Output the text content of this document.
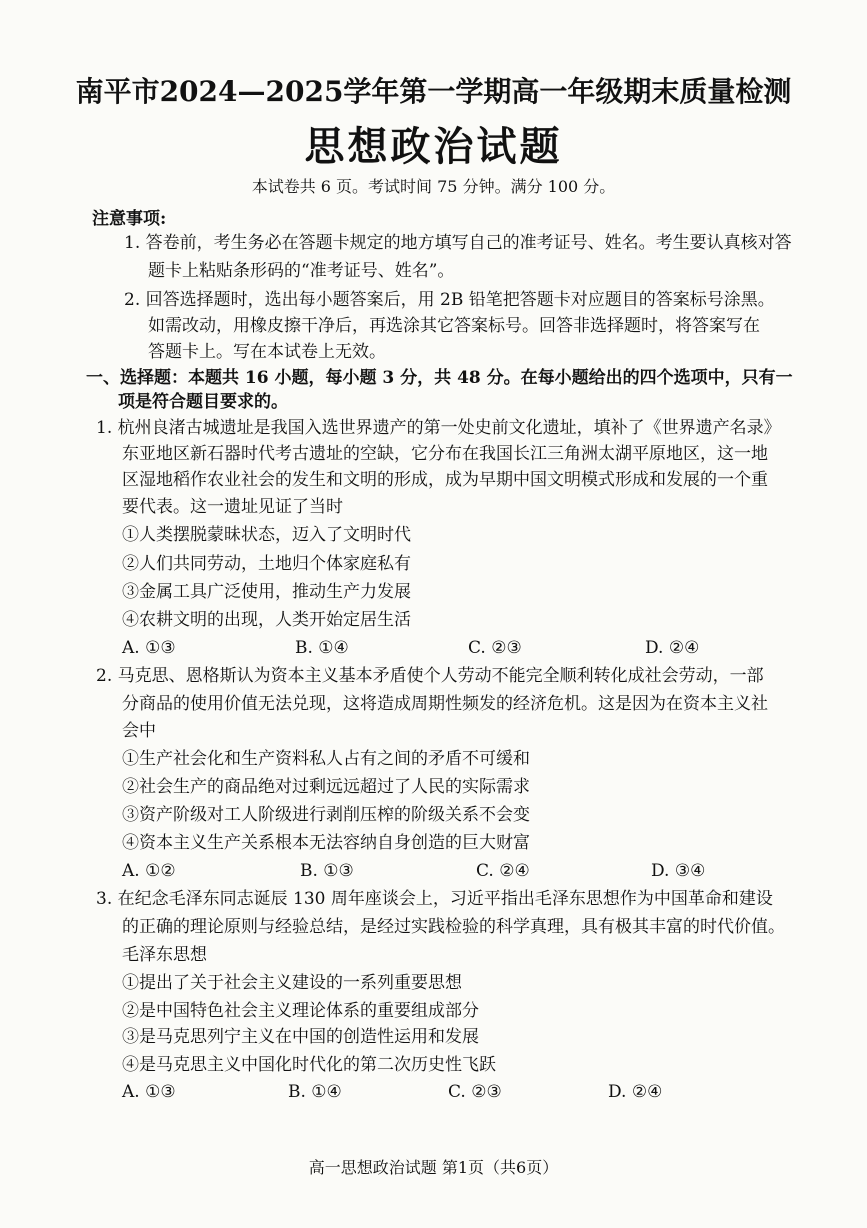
南平市2024—2025学年第一学期高一年级期末质量检测
思想政治试题
本试卷共 6 页。考试时间 75 分钟。满分 100 分。
注意事项:
1. 答卷前，考生务必在答题卡规定的地方填写自己的准考证号、姓名。考生要认真核对答
题卡上粘贴条形码的“准考证号、姓名”。
2. 回答选择题时，选出每小题答案后，用 2B 铅笔把答题卡对应题目的答案标号涂黑。
如需改动，用橡皮擦干净后，再选涂其它答案标号。回答非选择题时，将答案写在
答题卡上。写在本试卷上无效。
一、选择题：本题共 16 小题，每小题 3 分，共 48 分。在每小题给出的四个选项中，只有一
项是符合题目要求的。
1. 杭州良渚古城遗址是我国入选世界遗产的第一处史前文化遗址，填补了《世界遗产名录》
东亚地区新石器时代考古遗址的空缺，它分布在我国长江三角洲太湖平原地区，这一地
区湿地稻作农业社会的发生和文明的形成，成为早期中国文明模式形成和发展的一个重
要代表。这一遗址见证了当时
①人类摆脱蒙昧状态，迈入了文明时代
②人们共同劳动，土地归个体家庭私有
③金属工具广泛使用，推动生产力发展
④农耕文明的出现，人类开始定居生活
A. ①③	B. ①④	C. ②③	D. ②④
2. 马克思、恩格斯认为资本主义基本矛盾使个人劳动不能完全顺利转化成社会劳动，一部
分商品的使用价值无法兑现，这将造成周期性频发的经济危机。这是因为在资本主义社
会中
①生产社会化和生产资料私人占有之间的矛盾不可缓和
②社会生产的商品绝对过剩远远超过了人民的实际需求
③资产阶级对工人阶级进行剥削压榨的阶级关系不会变
④资本主义生产关系根本无法容纳自身创造的巨大财富
A. ①②	B. ①③	C. ②④	D. ③④
3. 在纪念毛泽东同志诞辰 130 周年座谈会上，习近平指出毛泽东思想作为中国革命和建设
的正确的理论原则与经验总结，是经过实践检验的科学真理，具有极其丰富的时代价值。
毛泽东思想
①提出了关于社会主义建设的一系列重要思想
②是中国特色社会主义理论体系的重要组成部分
③是马克思列宁主义在中国的创造性运用和发展
④是马克思主义中国化时代化的第二次历史性飞跃
A. ①③	B. ①④	C. ②③	D. ②④
高一思想政治试题 第1页（共6页）
